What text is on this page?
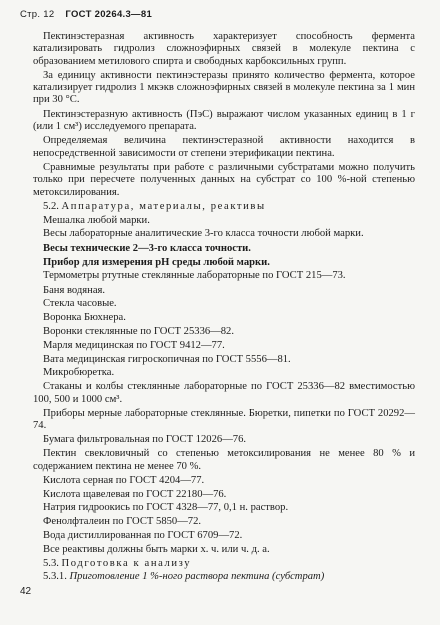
Стр. 12 ГОСТ 20264.3—81

Пектинэстеразная активность характеризует способность фермента катализировать гидролиз сложноэфирных связей в молекуле пектина с образованием метилового спирта и свободных карбоксильных групп.

За единицу активности пектинэстеразы принято количество фермента, которое катализирует гидролиз 1 мкэкв сложноэфирных связей в молекуле пектина за 1 мин при 30 °С.

Пектинэстеразную активность (ПэС) выражают числом указанных единиц в 1 г (или 1 см³) исследуемого препарата.

Определяемая величина пектинэстеразной активности находится в непосредственной зависимости от степени этерификации пектина.

Сравнимые результаты при работе с различными субстратами можно получить только при пересчете полученных данных на субстрат со 100 %-ной степенью метоксилирования.

5.2. Аппаратура, материалы, реактивы
Мешалка любой марки.
Весы лабораторные аналитические 3-го класса точности любой марки.
Весы технические 2—3-го класса точности.
Прибор для измерения рН среды любой марки.
Термометры ртутные стеклянные лабораторные по ГОСТ 215—73.
Баня водяная.
Стекла часовые.
Воронка Бюхнера.
Воронки стеклянные по ГОСТ 25336—82.
Марля медицинская по ГОСТ 9412—77.
Вата медицинская гигроскопичная по ГОСТ 5556—81.
Микробюретка.
Стаканы и колбы стеклянные лабораторные по ГОСТ 25336—82 вместимостью 100, 500 и 1000 см³.
Приборы мерные лабораторные стеклянные. Бюретки, пипетки по ГОСТ 20292—74.
Бумага фильтровальная по ГОСТ 12026—76.
Пектин свекловичный со степенью метоксилирования не менее 80 % и содержанием пектина не менее 70 %.
Кислота серная по ГОСТ 4204—77.
Кислота щавелевая по ГОСТ 22180—76.
Натрия гидроокись по ГОСТ 4328—77, 0,1 н. раствор.
Фенолфталеин по ГОСТ 5850—72.
Вода дистиллированная по ГОСТ 6709—72.
Все реактивы должны быть марки х. ч. или ч. д. а.
5.3. Подготовка к анализу
5.3.1. Приготовление 1 %-ного раствора пектина (субстрат)
42
